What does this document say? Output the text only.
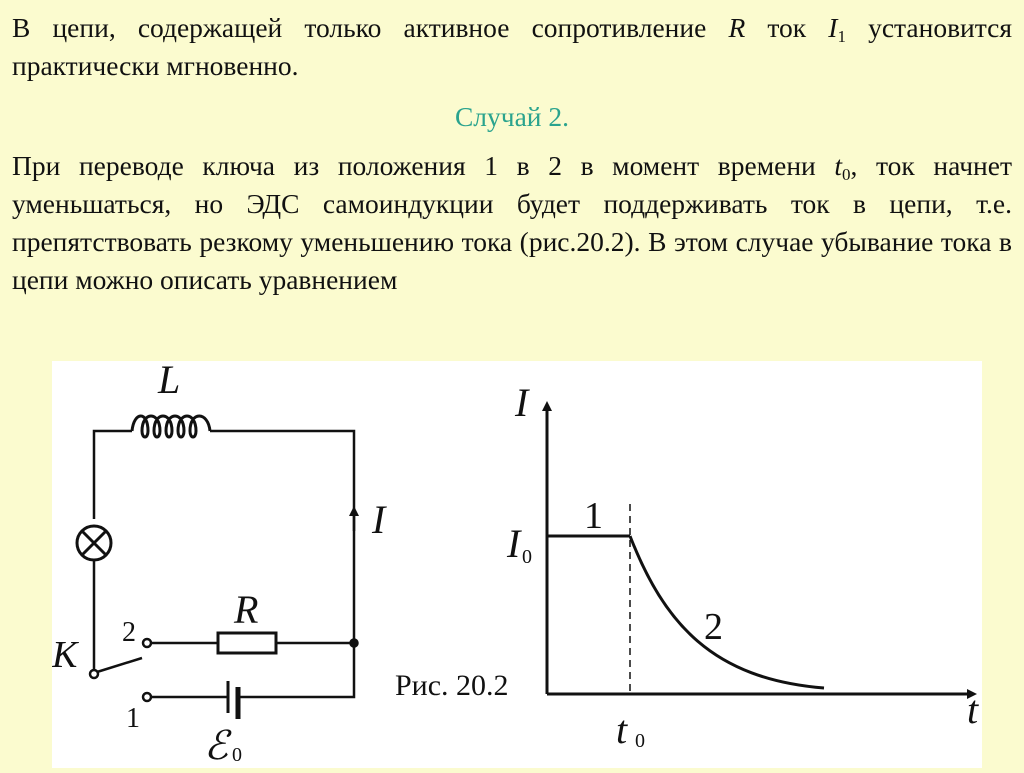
В цепи, содержащей только активное сопротивление R ток $I_1$ установится практически мгновенно.

Случай 2.

При переводе ключа из положения 1 в 2 в момент времени $t_0$, ток начнет уменьшаться, но ЭДС самоиндукции будет поддерживать ток в цепи, т.е. препятствовать резкому уменьшению тока (рис.20.2). В этом случае убывание тока в цепи можно описать уравнением

L
I
R
2
K
1
ℰ 0
Рис. 20.2
I
t
I 0
t 0
1
2
